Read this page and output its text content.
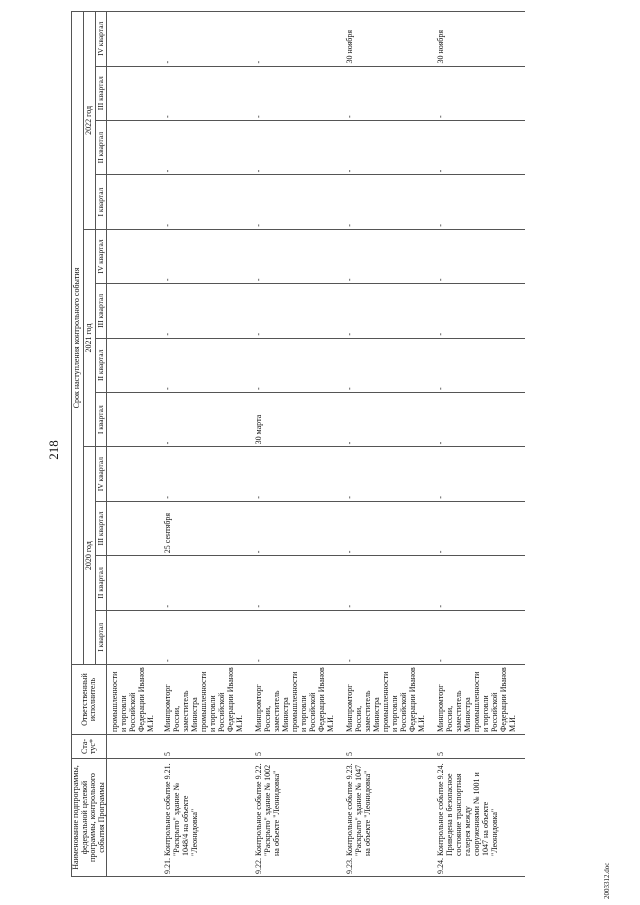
218
Наименование подпрограммы, федеральной целевой программы, контрольного события Программы	Ста-тус*	Ответственный исполнитель	Срок наступления контрольного события											
			2020 год				2021 год				2022 год			
			I квартал	II квартал	III квартал	IV квартал	I квартал	II квартал	III квартал	IV квартал	I квартал	II квартал	III квартал	IV квартал
		промышленности и торговли Российской Федерации Иванов М.И.												

9.21.
Контрольное событие 9.21. "Раскрыто" здание № 1048/4 на объекте "Леонидовка"	5	Минпромторг России, заместитель Министра промышленности и торговли Российской Федерации Иванов М.И.	-	-	25 сентября	-	-	-	-	-	-	-	-	-

9.22.
Контрольное событие 9.22. "Раскрыто" здание № 1002 на объекте "Леонидовка"	5	Минпромторг России, заместитель Министра промышленности и торговли Российской Федерации Иванов М.И.	-	-	-	-	30 марта	-	-	-	-	-	-	-

9.23.
Контрольное событие 9.23. "Раскрыто" здание № 1047 на объекте "Леонидовка"	5	Минпромторг России, заместитель Министра промышленности и торговли Российской Федерации Иванов М.И.	-	-	-	-	-	-	-	-	-	-	-	30 ноября

9.24.
Контрольное событие 9.24. Приведена в безопасное состояние транспортная галерея между сооружениями № 1001 и 1047 на объекте "Леонидовка"	5	Минпромторг России, заместитель Министра промышленности и торговли Российской Федерации Иванов М.И.	-	-	-	-	-	-	-	-	-	-	-	30 ноября
2003312.doc
